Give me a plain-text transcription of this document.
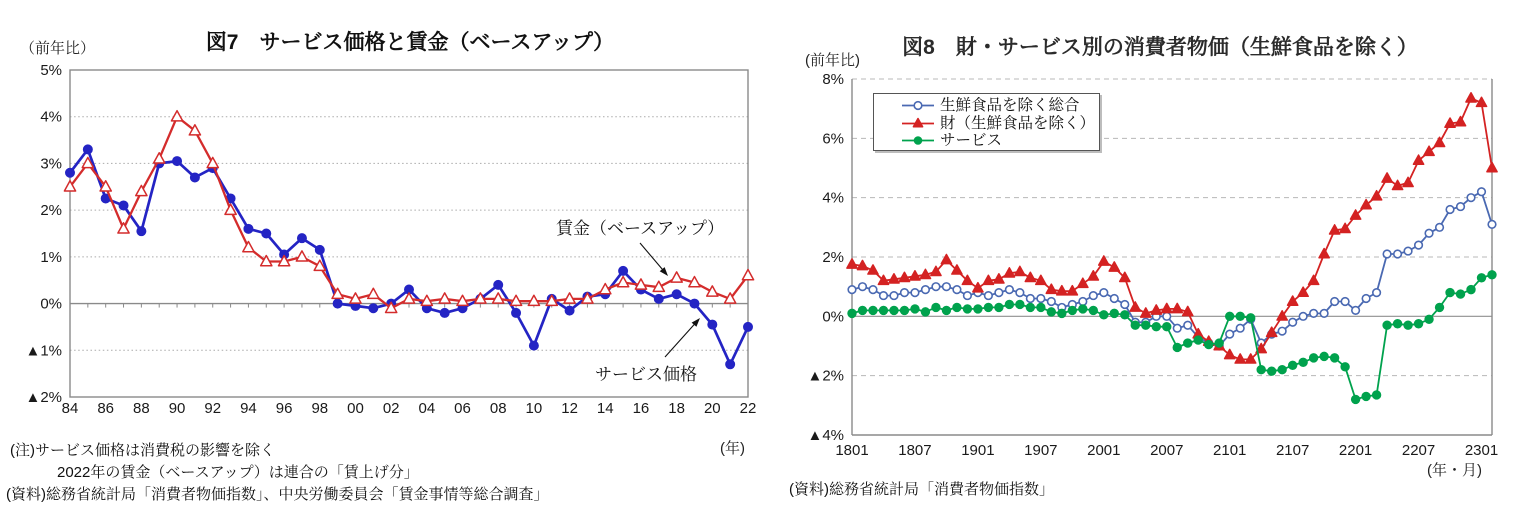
5%
4%
3%
2%
1%
0%
▲1%
▲2%
84 86 88 90 92 94 96 98 00 02 04 06 08 10 12 14 16 18 20 22
図7　サービス価格と賃金（ベースアップ）
（前年比）
(年)
賃金（ベースアップ）
サービス価格
(注)サービス価格は消費税の影響を除く
2022年の賃金（ベースアップ）は連合の「賃上げ分」
(資料)総務省統計局「消費者物価指数」、中央労働委員会「賃金事情等総合調査」
8%
6%
4%
2%
0%
▲2%
▲4%
1801 1807 1901 1907 2001 2007 2101 2107 2201 2207 2301
図8　財・サービス別の消費者物価（生鮮食品を除く）
(前年比)
(年・月)
生鮮食品を除く総合
財（生鮮食品を除く）
サービス
(資料)総務省統計局「消費者物価指数」
